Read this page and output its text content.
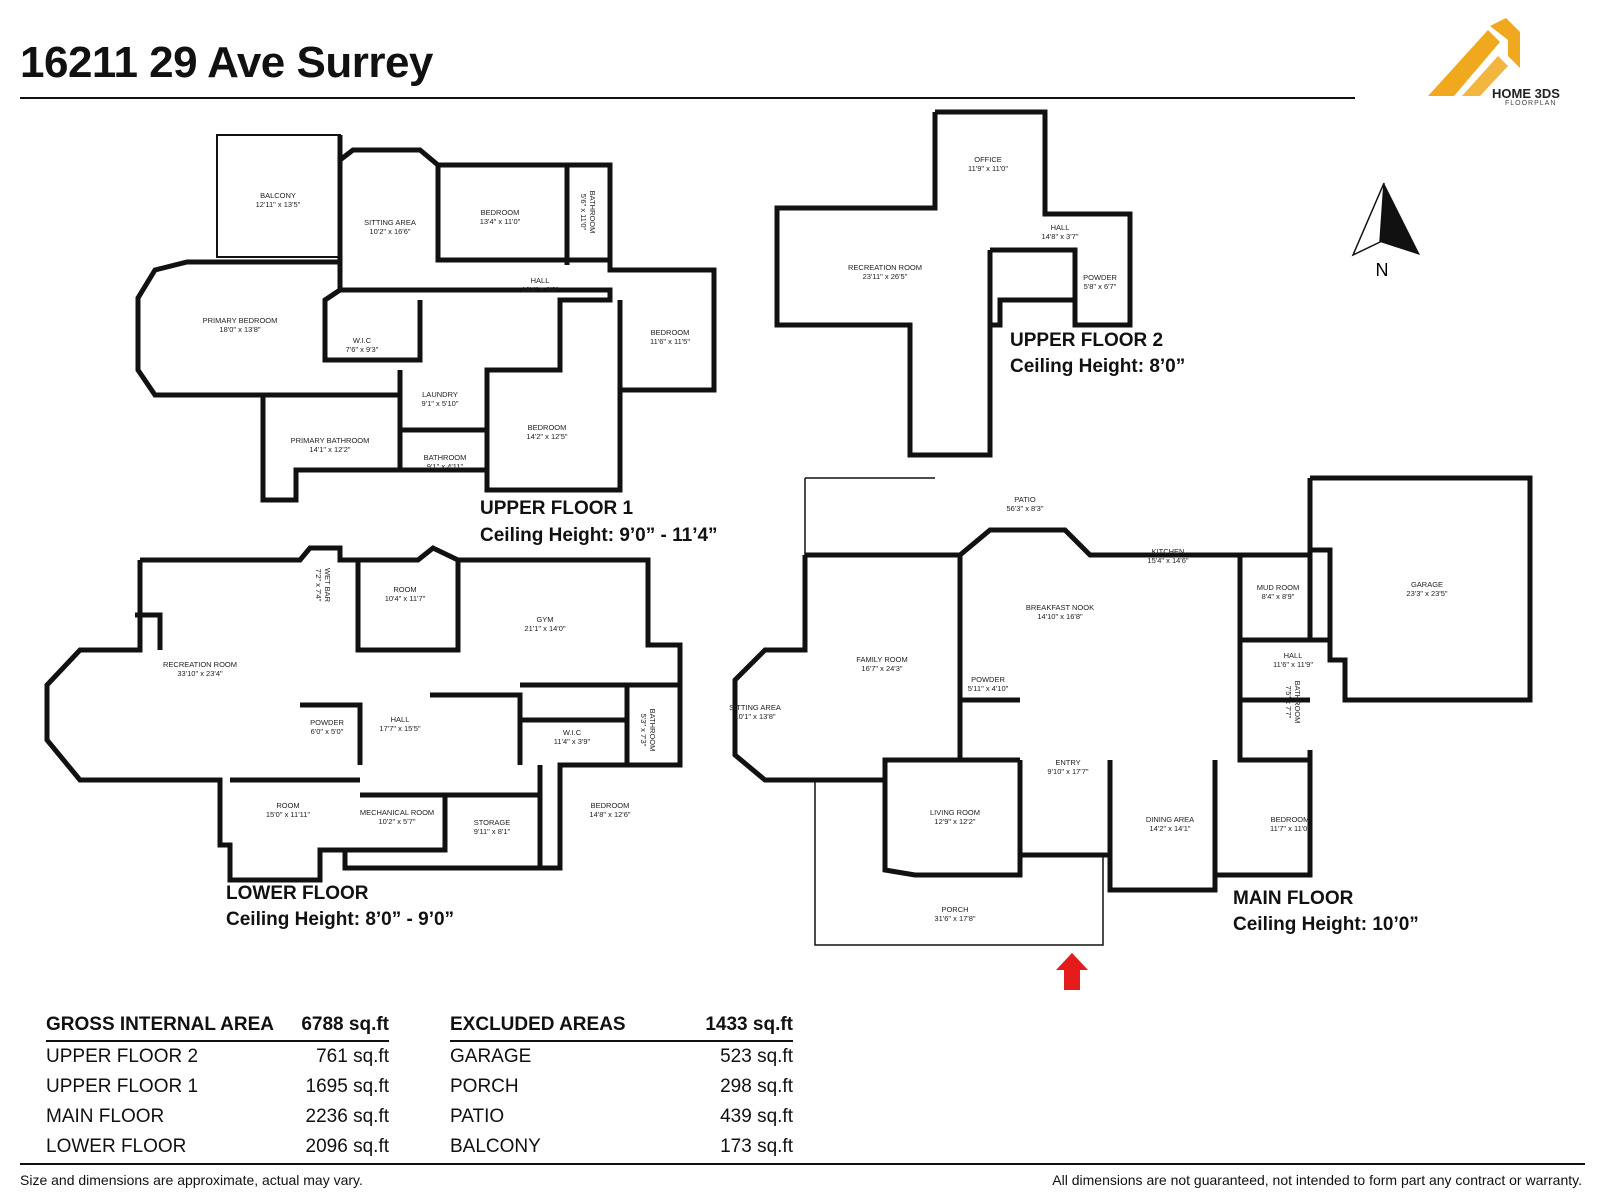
16211 29 Ave Surrey
HOME 3DS
FLOORPLAN
N
BALCONY 12'11" x 13'5"
SITTING AREA 10'2" x 16'6"
BEDROOM 13'4" x 11'0"	BATHROOM5'6" x 11'0"
HALL 16'4" x 3'3"
PRIMARY BEDROOM 18'0" x 13'8"
W.I.C 7'6" x 9'3"
BEDROOM 11'6" x 11'5"
LAUNDRY 9'1" x 5'10"
BEDROOM 14'2" x 12'5"
PRIMARY BATHROOM 14'1" x 12'2"
BATHROOM 9'1" x 4'11"
OFFICE 11'9" x 11'0"
RECREATION ROOM 23'11" x 26'5"
HALL 14'8" x 3'7"
POWDER 5'8" x 6'7"
WET BAR7'2" x 7'4"	ROOM 10'4" x 11'7"
GYM 21'1" x 14'0"
RECREATION ROOM 33'10" x 23'4"
BATHROOM5'3" x 7'3"
POWDER 6'0" x 5'0"
HALL 17'7" x 15'5"	W.I.C 11'4" x 3'9"
ROOM 15'0" x 11'11"	MECHANICAL ROOM 10'2" x 5'7"	STORAGE 9'11" x 8'1"
BEDROOM 14'8" x 12'6"
PATIO 56'3" x 8'3"
GARAGE 23'3" x 23'5"
BREAKFAST NOOK 14'10" x 16'8"
KITCHEN 15'4" x 14'6"
MUD ROOM 8'4" x 8'9"
FAMILY ROOM 16'7" x 24'3"
HALL 11'6" x 11'9"
SITTING AREA 10'1" x 13'8"
POWDER 5'11" x 4'10"	BATHROOM7'5" x 7'7"
ENTRY 9'10" x 17'7"
LIVING ROOM 12'9" x 12'2"	DINING AREA 14'2" x 14'1"
BEDROOM 11'7" x 11'0"
PORCH 31'6" x 17'8"
UPPER FLOOR 2
Ceiling Height: 8’0”
UPPER FLOOR 1
Ceiling Height: 9’0” - 11’4”
LOWER FLOOR
Ceiling Height: 8’0” - 9’0”
MAIN FLOOR
Ceiling Height: 10’0”
GROSS INTERNAL AREA 6788 sq.ft
UPPER FLOOR 2	761 sq.ft
UPPER FLOOR 1	1695 sq.ft
MAIN FLOOR	2236 sq.ft
LOWER FLOOR	2096 sq.ft
EXCLUDED AREAS	1433 sq.ft
GARAGE	523 sq.ft
PORCH	298 sq.ft
PATIO	439 sq.ft
BALCONY	173 sq.ft
Size and dimensions are approximate, actual may vary.	All dimensions are not guaranteed, not intended to form part any contract or warranty.
